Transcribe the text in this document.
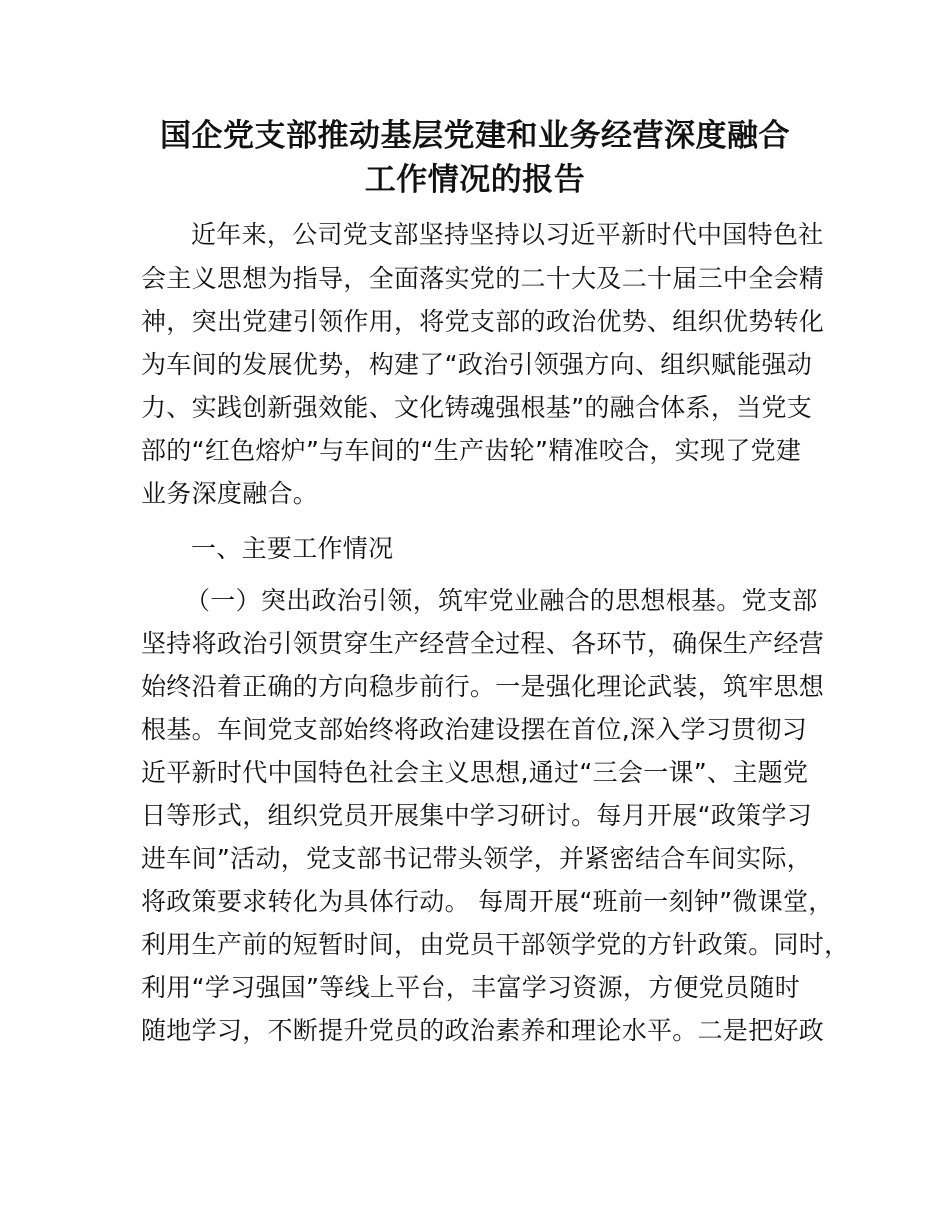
国企党支部推动基层党建和业务经营深度融合
工作情况的报告

近年来，公司党支部坚持坚持以习近平新时代中国特色社

会主义思想为指导，全面落实党的二十大及二十届三中全会精

神，突出党建引领作用，将党支部的政治优势、组织优势转化

为车间的发展优势，构建了“政治引领强方向、组织赋能强动

力、实践创新强效能、文化铸魂强根基”的融合体系，当党支

部的“红色熔炉”与车间的“生产齿轮”精准咬合，实现了党建

业务深度融合。

一、主要工作情况

（一）突出政治引领，筑牢党业融合的思想根基。党支部

坚持将政治引领贯穿生产经营全过程、各环节，确保生产经营

始终沿着正确的方向稳步前行。一是强化理论武装，筑牢思想

根基。车间党支部始终将政治建设摆在首位,深入学习贯彻习

近平新时代中国特色社会主义思想,通过“三会一课”、主题党

日等形式，组织党员开展集中学习研讨。每月开展“政策学习

进车间”活动，党支部书记带头领学，并紧密结合车间实际，

将政策要求转化为具体行动。 每周开展“班前一刻钟”微课堂，

利用生产前的短暂时间，由党员干部领学党的方针政策。同时，

利用“学习强国”等线上平台，丰富学习资源，方便党员随时

随地学习，不断提升党员的政治素养和理论水平。二是把好政
